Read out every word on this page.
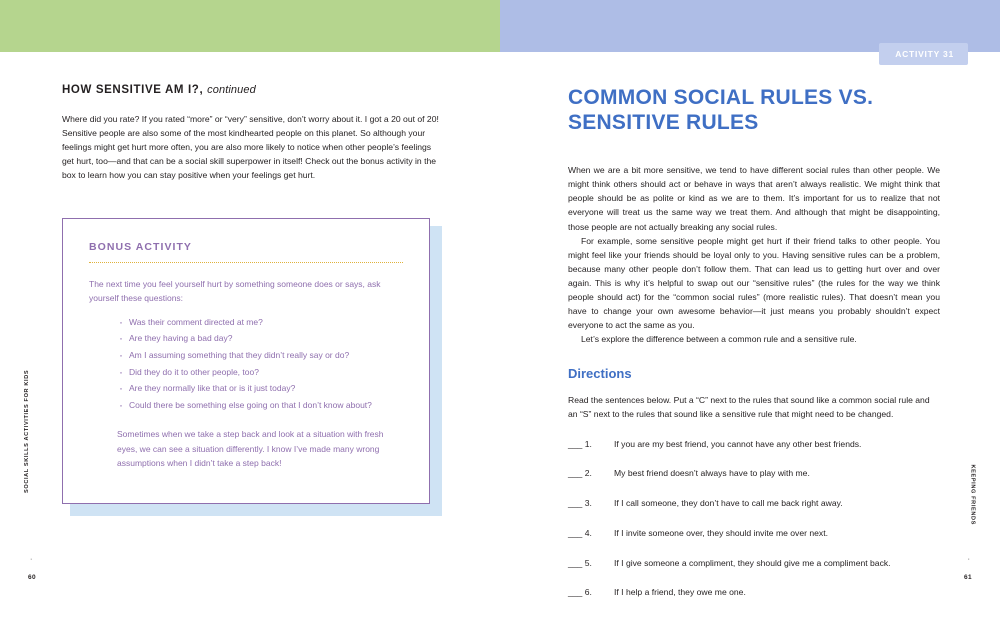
HOW SENSITIVE AM I?, continued

Where did you rate? If you rated “more” or “very” sensitive, don’t worry about it. I got a 20 out of 20! Sensitive people are also some of the most kindhearted people on this planet. So although your feelings might get hurt more often, you are also more likely to notice when other people’s feelings get hurt, too—and that can be a social skill superpower in itself! Check out the bonus activity in the box to learn how you can stay positive when your feelings get hurt.

BONUS ACTIVITY

The next time you feel yourself hurt by something someone does or says, ask yourself these questions:

· Was their comment directed at me?
· Are they having a bad day?
· Am I assuming something that they didn’t really say or do?
· Did they do it to other people, too?
· Are they normally like that or is it just today?
· Could there be something else going on that I don’t know about?

Sometimes when we take a step back and look at a situation with fresh eyes, we can see a situation differently. I know I’ve made many wrong assumptions when I didn’t take a step back!

SOCIAL SKILLS ACTIVITIES FOR KIDS
·
60
ACTIVITY 31
COMMON SOCIAL RULES VS. SENSITIVE RULES

When we are a bit more sensitive, we tend to have different social rules than other people. We might think others should act or behave in ways that aren’t always realistic. We might think that people should be as polite or kind as we are to them. It’s important for us to realize that not everyone will treat us the same way we treat them. And although that might be disappointing, those people are not actually breaking any social rules.

For example, some sensitive people might get hurt if their friend talks to other people. You might feel like your friends should be loyal only to you. Having sensitive rules can be a problem, because many other people don’t follow them. That can lead us to getting hurt over and over again. This is why it’s helpful to swap out our “sensitive rules” (the rules for the way we think people should act) for the “common social rules” (more realistic rules). That doesn’t mean you have to change your own awesome behavior—it just means you probably shouldn’t expect everyone to act the same as you.

Let’s explore the difference between a common rule and a sensitive rule.

Directions

Read the sentences below. Put a “C” next to the rules that sound like a common social rule and an “S” next to the rules that sound like a sensitive rule that might need to be changed.

___ 1.	If you are my best friend, you cannot have any other best friends.
___ 2.	My best friend doesn’t always have to play with me.
___ 3.	If I call someone, they don’t have to call me back right away.
___ 4.	If I invite someone over, they should invite me over next.
___ 5.	If I give someone a compliment, they should give me a compliment back.
___ 6.	If I help a friend, they owe me one.
KEEPING FRIENDS
·
61
